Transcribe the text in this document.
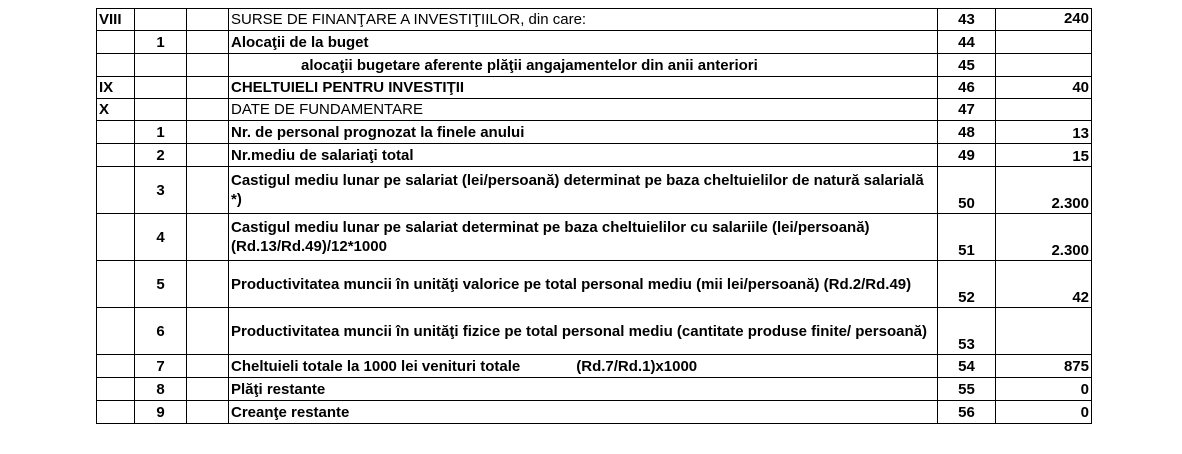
VIII			SURSE DE FINANŢARE A INVESTIŢIILOR, din care:	43	240
	1		Alocaţii de la buget	44	
			alocaţii bugetare aferente plăţii angajamentelor din anii anteriori	45	
IX			CHELTUIELI PENTRU INVESTIŢII	46	40
X			DATE DE FUNDAMENTARE	47	
	1		Nr. de personal prognozat la finele anului	48	13
	2		Nr.mediu de salariaţi total	49	15
	3		Castigul mediu lunar pe salariat (lei/persoană) determinat pe baza cheltuielilor de natură salarială *)	50	2.300
	4		Castigul mediu lunar pe salariat determinat pe baza cheltuielilor cu salariile (lei/persoană) (Rd.13/Rd.49)/12*1000	51	2.300
	5		Productivitatea muncii în unităţi valorice pe total personal mediu (mii lei/persoană) (Rd.2/Rd.49)	52	42
	6		Productivitatea muncii în unităţi fizice pe total personal mediu (cantitate produse finite/ persoană)	53	
	7		Cheltuieli totale la 1000 lei venituri totale (Rd.7/Rd.1)x1000	54	875
	8		Plăţi restante	55	0
	9		Creanţe restante	56	0
